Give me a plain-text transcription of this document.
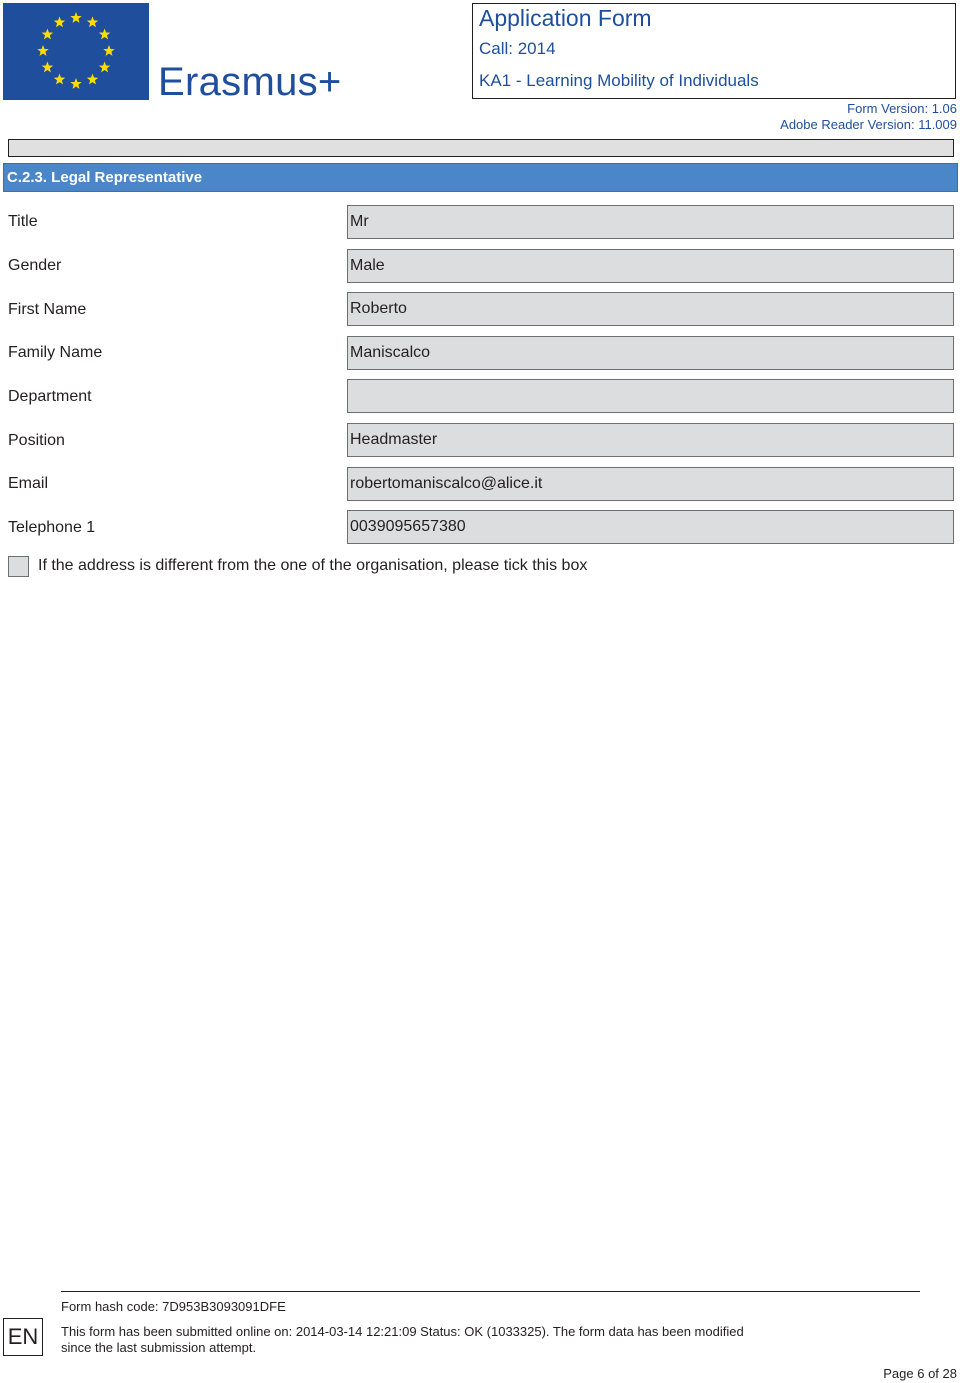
Erasmus+
Application Form
Call: 2014
KA1 - Learning Mobility of Individuals
Form Version: 1.06
Adobe Reader Version: 11.009
C.2.3. Legal Representative
Title	Mr
Gender	Male
First Name	Roberto
Family Name	Maniscalco
Department
Position	Headmaster
Email	robertomaniscalco@alice.it
Telephone 1	0039095657380
If the address is different from the one of the organisation, please tick this box
EN
Form hash code: 7D953B3093091DFE
This form has been submitted online on: 2014-03-14 12:21:09 Status: OK (1033325). The form data has been modified
since the last submission attempt.
Page 6 of 28
